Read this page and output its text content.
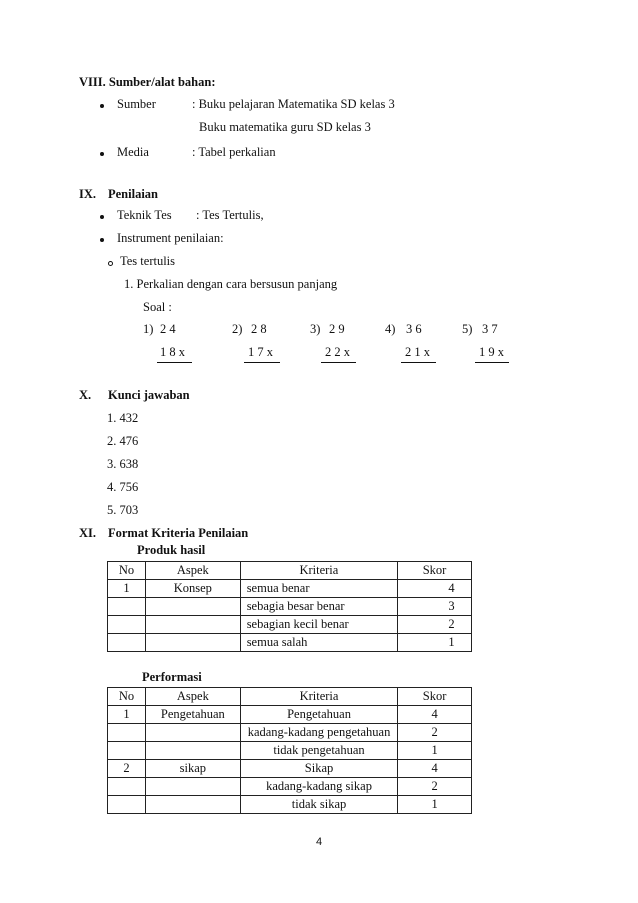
VIII. Sumber/alat bahan:
Sumber	: Buku pelajaran Matematika SD kelas 3
Buku matematika guru SD kelas 3
Media	: Tabel perkalian
IX. Penilaian
Teknik Tes : Tes Tertulis,
Instrument penilaian:
Tes tertulis
1. Perkalian dengan cara bersusun panjang
Soal :
1) 2 4
1 8 x
2) 2 8
1 7 x
3) 2 9
2 2 x
4) 3 6
2 1 x
5) 3 7
1 9 x
X. Kunci jawaban
1. 432
2. 476
3. 638
4. 756
5. 703
XI. Format Kriteria Penilaian
Produk hasil
No	Aspek	Kriteria	Skor
1	Konsep	semua benar	4
		sebagia besar benar	3
		sebagian kecil benar	2
		semua salah	1
Performasi
No	Aspek	Kriteria	Skor
1	Pengetahuan	Pengetahuan	4
		kadang-kadang pengetahuan	2
		tidak pengetahuan	1
2	sikap	Sikap	4
		kadang-kadang sikap	2
		tidak sikap	1
4
